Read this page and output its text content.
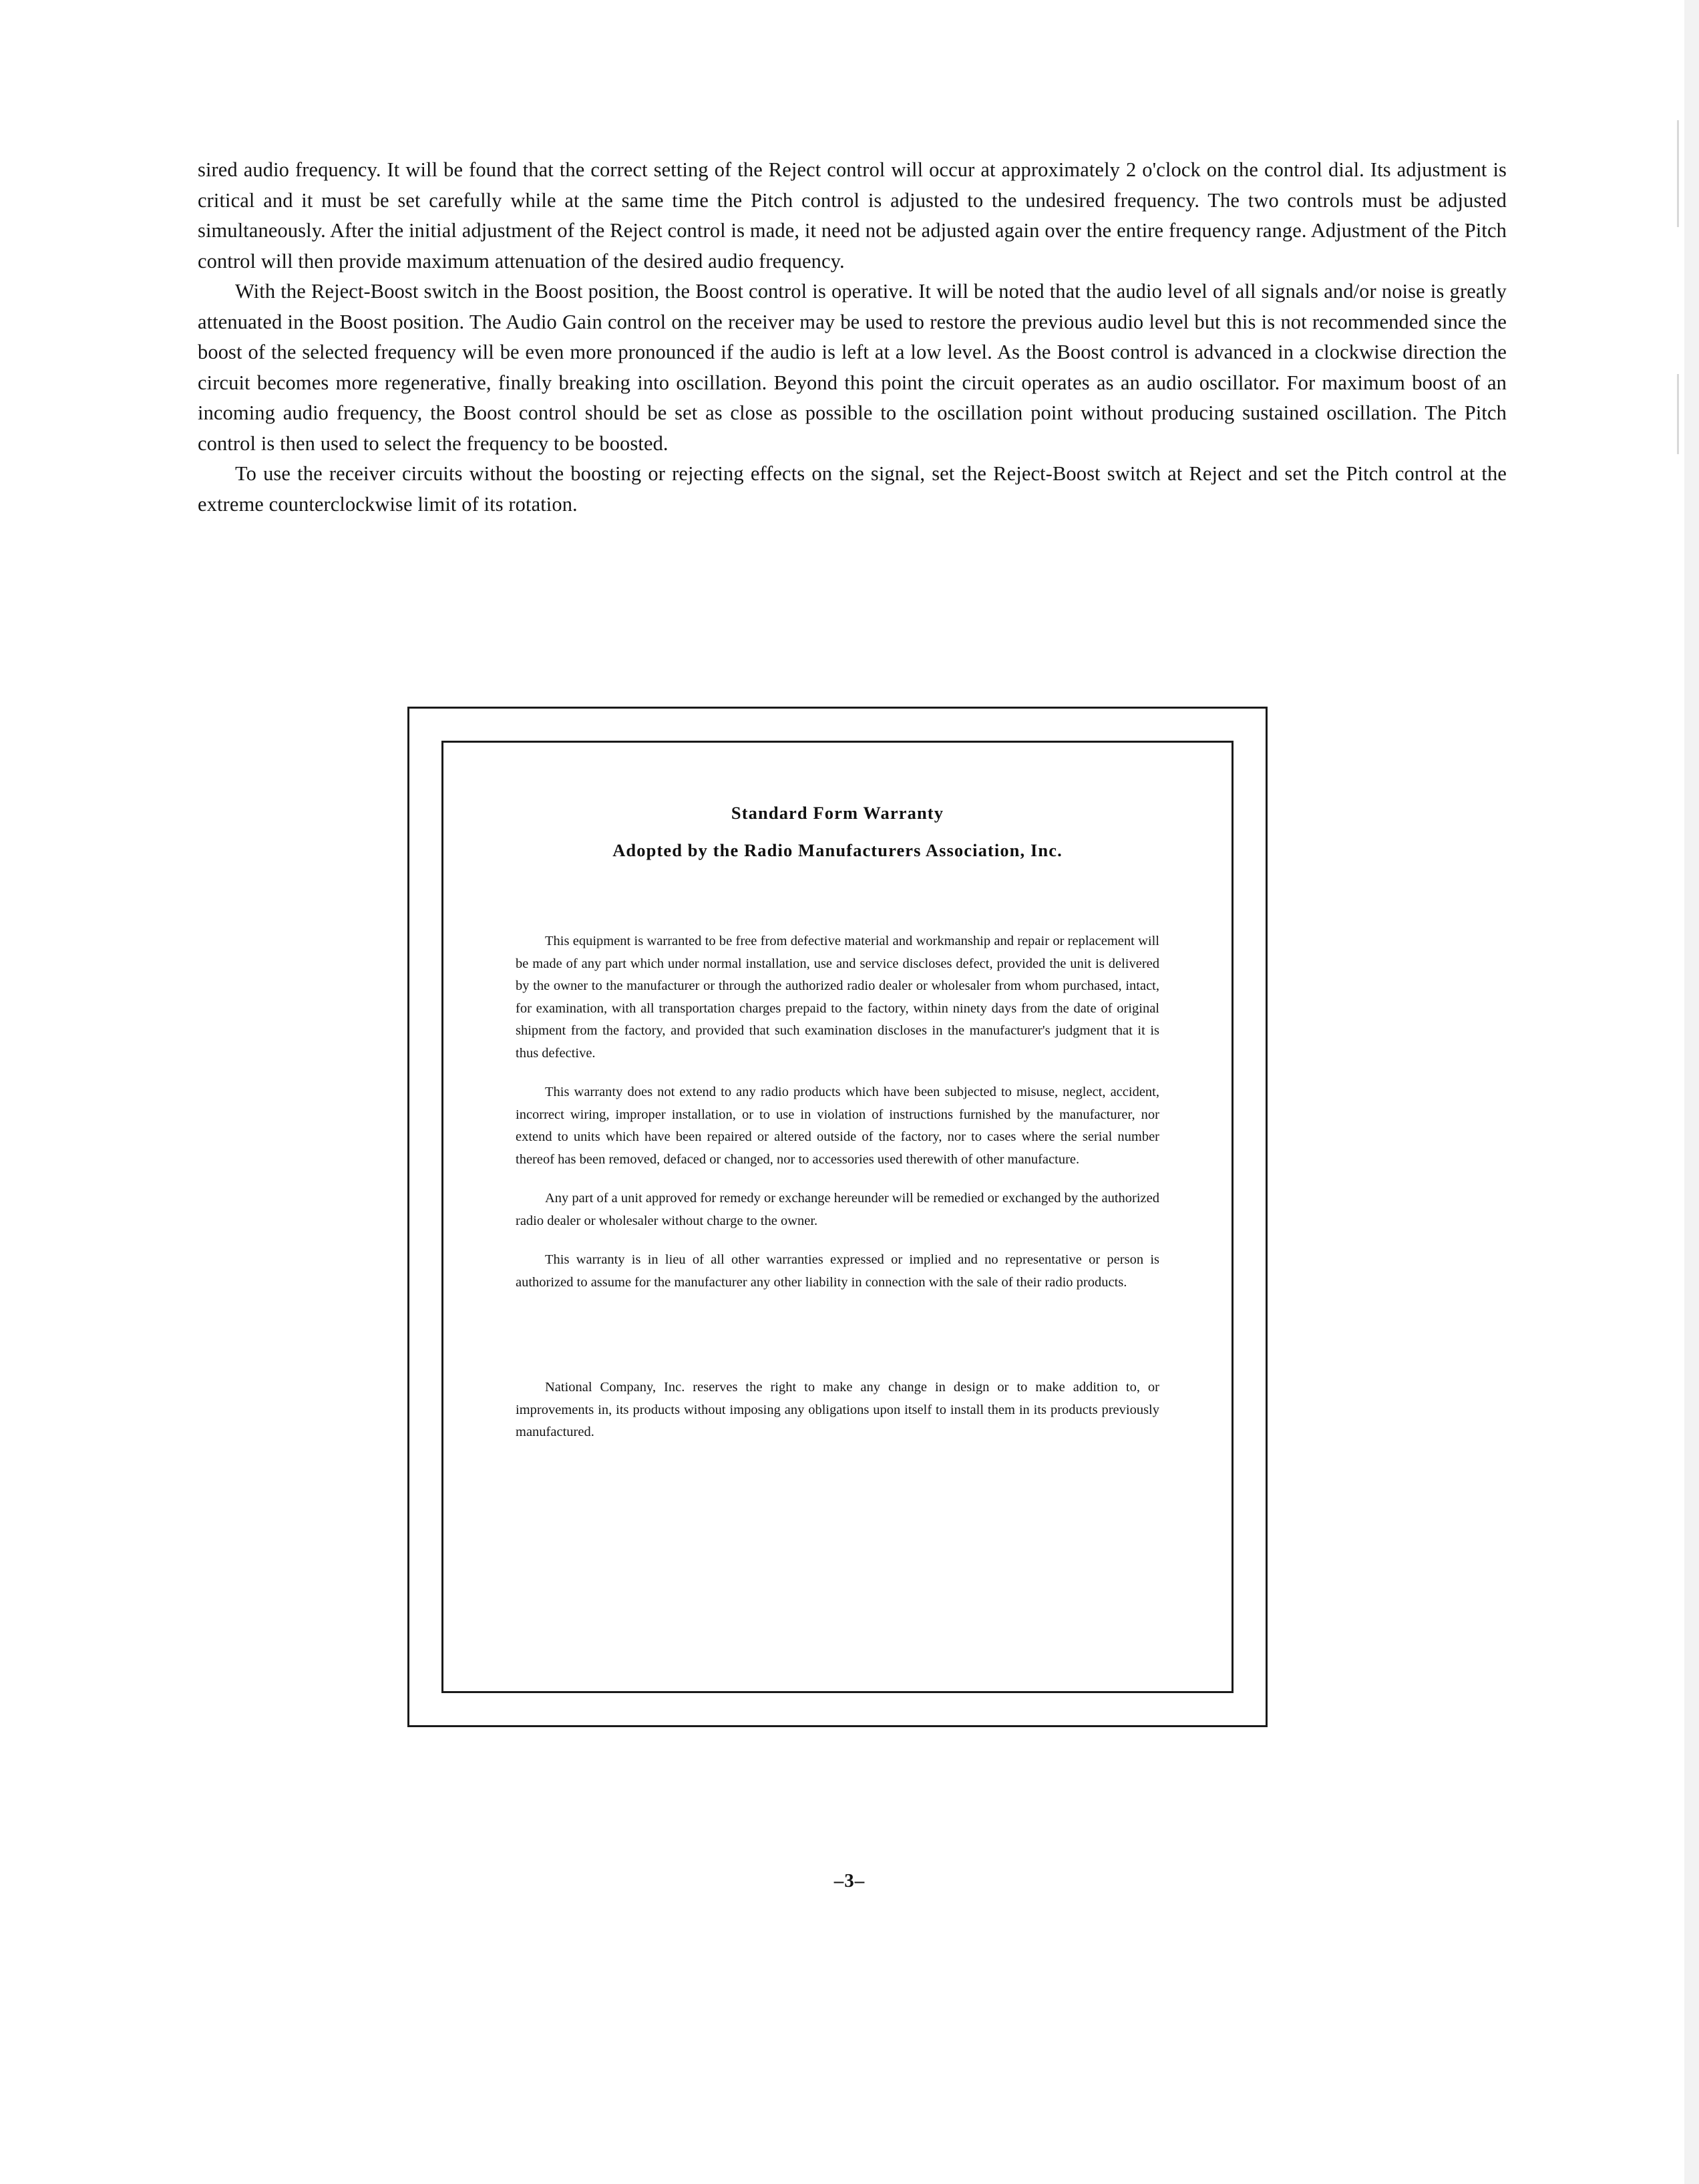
sired audio frequency. It will be found that the correct setting of the Reject control will occur at approximately 2 o'clock on the control dial. Its adjustment is critical and it must be set carefully while at the same time the Pitch control is adjusted to the undesired frequency. The two controls must be adjusted simultaneously. After the initial adjustment of the Reject control is made, it need not be adjusted again over the entire frequency range. Adjustment of the Pitch control will then provide maximum attenuation of the desired audio frequency.

With the Reject-Boost switch in the Boost position, the Boost control is operative. It will be noted that the audio level of all signals and/or noise is greatly attenuated in the Boost position. The Audio Gain control on the receiver may be used to restore the previous audio level but this is not recommended since the boost of the selected frequency will be even more pronounced if the audio is left at a low level. As the Boost control is advanced in a clockwise direction the circuit becomes more regenerative, finally breaking into oscillation. Beyond this point the circuit operates as an audio oscillator. For maximum boost of an incoming audio frequency, the Boost control should be set as close as possible to the oscillation point without producing sustained oscillation. The Pitch control is then used to select the frequency to be boosted.

To use the receiver circuits without the boosting or rejecting effects on the signal, set the Reject-Boost switch at Reject and set the Pitch control at the extreme counterclockwise limit of its rotation.

Standard Form Warranty
Adopted by the Radio Manufacturers Association, Inc.

This equipment is warranted to be free from defective material and workmanship and repair or replacement will be made of any part which under normal installation, use and service discloses defect, provided the unit is delivered by the owner to the manufacturer or through the authorized radio dealer or wholesaler from whom purchased, intact, for examination, with all transportation charges prepaid to the factory, within ninety days from the date of original shipment from the factory, and provided that such examination discloses in the manufacturer's judgment that it is thus defective.

This warranty does not extend to any radio products which have been subjected to misuse, neglect, accident, incorrect wiring, improper installation, or to use in violation of instructions furnished by the manufacturer, nor extend to units which have been repaired or altered outside of the factory, nor to cases where the serial number thereof has been removed, defaced or changed, nor to accessories used therewith of other manufacture.

Any part of a unit approved for remedy or exchange hereunder will be remedied or exchanged by the authorized radio dealer or wholesaler without charge to the owner.

This warranty is in lieu of all other warranties expressed or implied and no representative or person is authorized to assume for the manufacturer any other liability in connection with the sale of their radio products.

National Company, Inc. reserves the right to make any change in design or to make addition to, or improvements in, its products without imposing any obligations upon itself to install them in its products previously manufactured.

–3–
